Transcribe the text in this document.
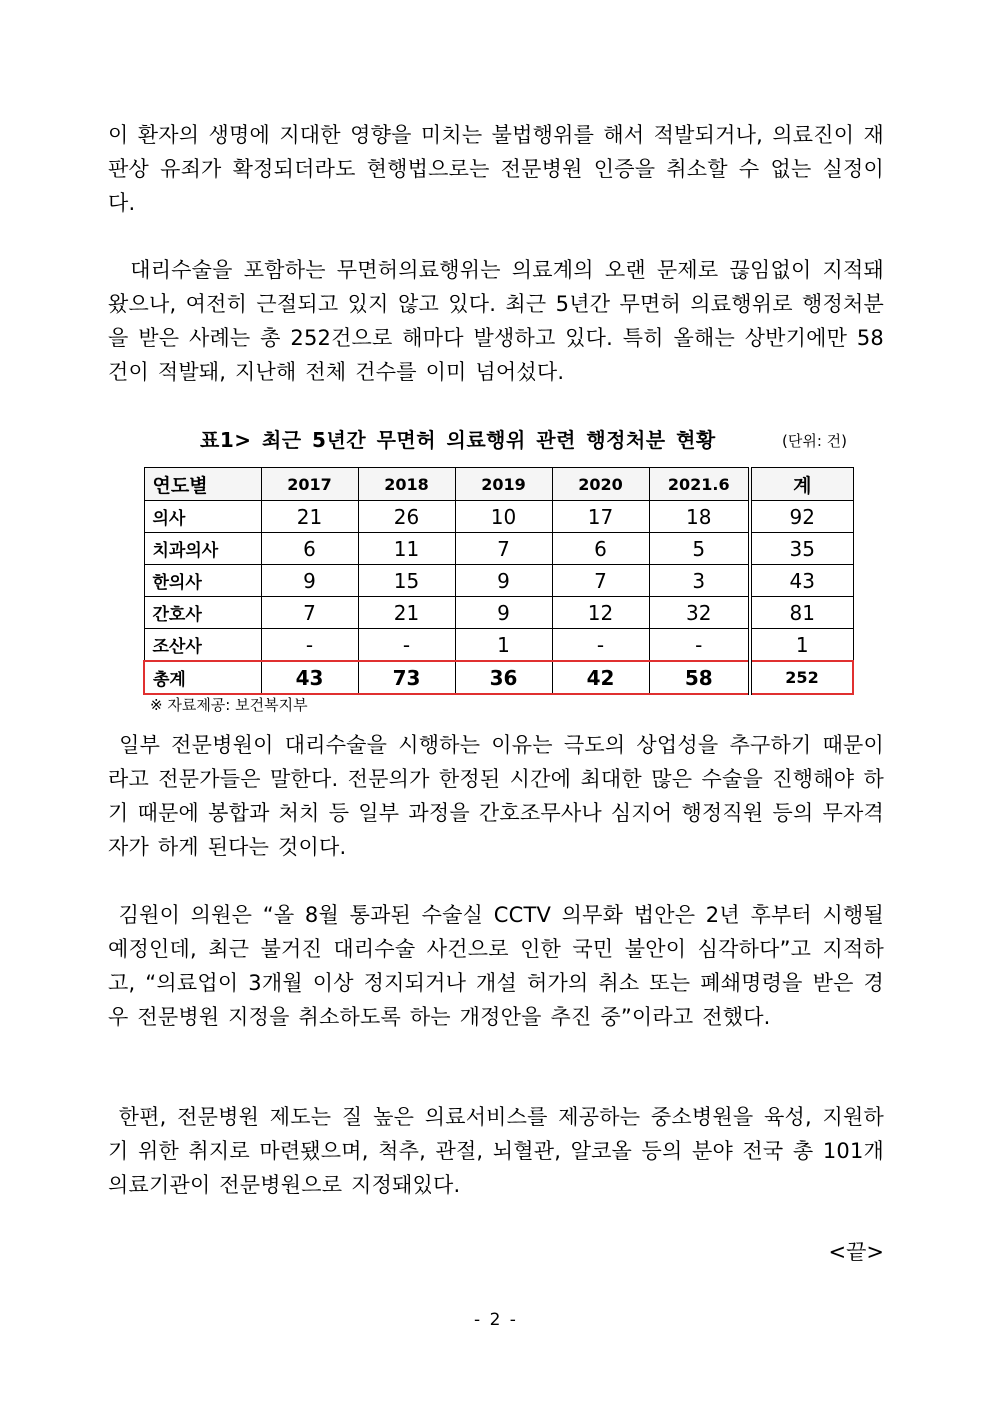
이 환자의 생명에 지대한 영향을 미치는 불법행위를 해서 적발되거나, 의료진이 재판상 유죄가 확정되더라도 현행법으로는 전문병원 인증을 취소할 수 없는 실정이다.

대리수술을 포함하는 무면허의료행위는 의료계의 오랜 문제로 끊임없이 지적돼왔으나, 여전히 근절되고 있지 않고 있다. 최근 5년간 무면허 의료행위로 행정처분을 받은 사례는 총 252건으로 해마다 발생하고 있다. 특히 올해는 상반기에만 58건이 적발돼, 지난해 전체 건수를 이미 넘어섰다.

표1> 최근 5년간 무면허 의료행위 관련 행정처분 현황	(단위: 건)
연도별	2017	2018	2019	2020	2021.6	계
의사	21	26	10	17	18	92
치과의사	6	11	7	6	5	35
한의사	9	15	9	7	3	43
간호사	7	21	9	12	32	81
조산사	-	-	1	-	-	1
총계	43	73	36	42	58	252
※ 자료제공: 보건복지부

일부 전문병원이 대리수술을 시행하는 이유는 극도의 상업성을 추구하기 때문이라고 전문가들은 말한다. 전문의가 한정된 시간에 최대한 많은 수술을 진행해야 하기 때문에 봉합과 처치 등 일부 과정을 간호조무사나 심지어 행정직원 등의 무자격자가 하게 된다는 것이다.

김원이 의원은 “올 8월 통과된 수술실 CCTV 의무화 법안은 2년 후부터 시행될 예정인데, 최근 불거진 대리수술 사건으로 인한 국민 불안이 심각하다”고 지적하고, “의료업이 3개월 이상 정지되거나 개설 허가의 취소 또는 폐쇄명령을 받은 경우 전문병원 지정을 취소하도록 하는 개정안을 추진 중”이라고 전했다.

한편, 전문병원 제도는 질 높은 의료서비스를 제공하는 중소병원을 육성, 지원하기 위한 취지로 마련됐으며, 척추, 관절, 뇌혈관, 알코올 등의 분야 전국 총 101개 의료기관이 전문병원으로 지정돼있다.

<끝>
- 2 -
